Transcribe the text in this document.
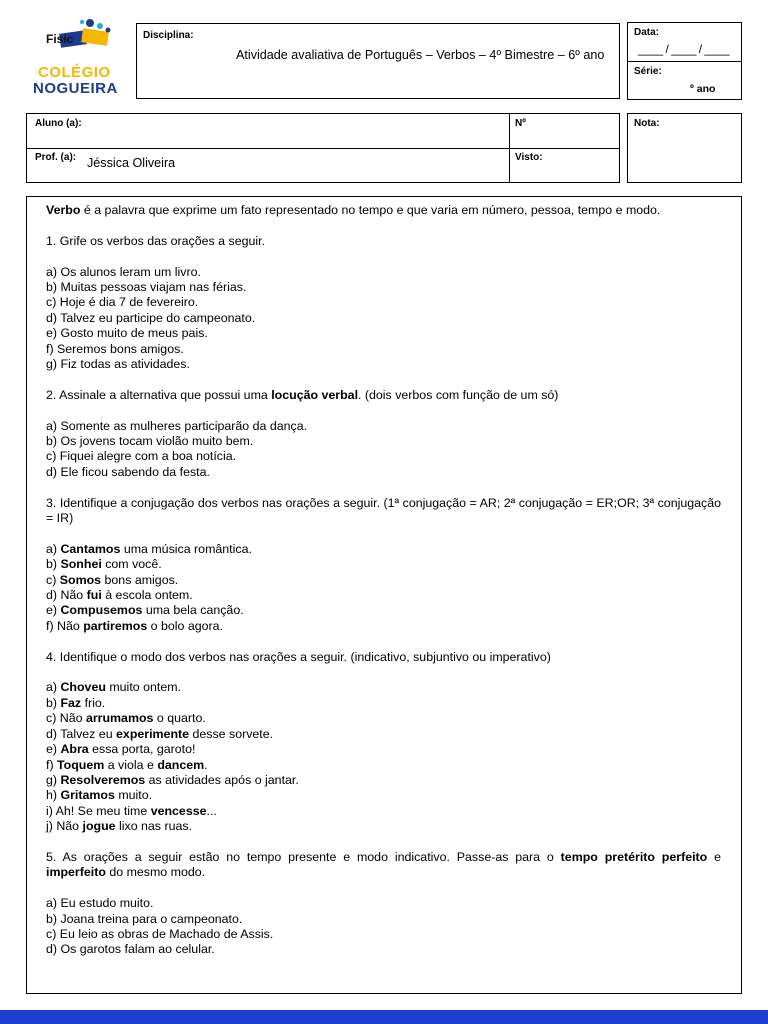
Fisic
COLÉGIO
NOGUEIRA
Disciplina:
Atividade avaliativa de Português – Verbos – 4º Bimestre – 6º ano
Data:
____ / ____ / ____
Série:
º ano
Aluno (a):	Nº
Prof. (a): Jéssica Oliveira	Visto:
Nota:

Verbo é a palavra que exprime um fato representado no tempo e que varia em número, pessoa, tempo e modo.

1. Grife os verbos das orações a seguir.

a) Os alunos leram um livro.

b) Muitas pessoas viajam nas férias.

c) Hoje é dia 7 de fevereiro.

d) Talvez eu participe do campeonato.

e) Gosto muito de meus pais.

f) Seremos bons amigos.

g) Fiz todas as atividades.

2. Assinale a alternativa que possui uma locução verbal. (dois verbos com função de um só)

a) Somente as mulheres participarão da dança.

b) Os jovens tocam violão muito bem.

c) Fiquei alegre com a boa notícia.

d) Ele ficou sabendo da festa.

3. Identifique a conjugação dos verbos nas orações a seguir. (1ª conjugação = AR; 2ª conjugação = ER;OR; 3ª conjugação = IR)

a) Cantamos uma música romântica.

b) Sonhei com você.

c) Somos bons amigos.

d) Não fui à escola ontem.

e) Compusemos uma bela canção.

f) Não partiremos o bolo agora.

4. Identifique o modo dos verbos nas orações a seguir. (indicativo, subjuntivo ou imperativo)

a) Choveu muito ontem.

b) Faz frio.

c) Não arrumamos o quarto.

d) Talvez eu experimente desse sorvete.

e) Abra essa porta, garoto!

f) Toquem a viola e dancem.

g) Resolveremos as atividades após o jantar.

h) Gritamos muito.

i) Ah! Se meu time vencesse...

j) Não jogue lixo nas ruas.

5. As orações a seguir estão no tempo presente e modo indicativo. Passe-as para o tempo pretérito perfeito e imperfeito do mesmo modo.

a) Eu estudo muito.

b) Joana treina para o campeonato.

c) Eu leio as obras de Machado de Assis.

d) Os garotos falam ao celular.
